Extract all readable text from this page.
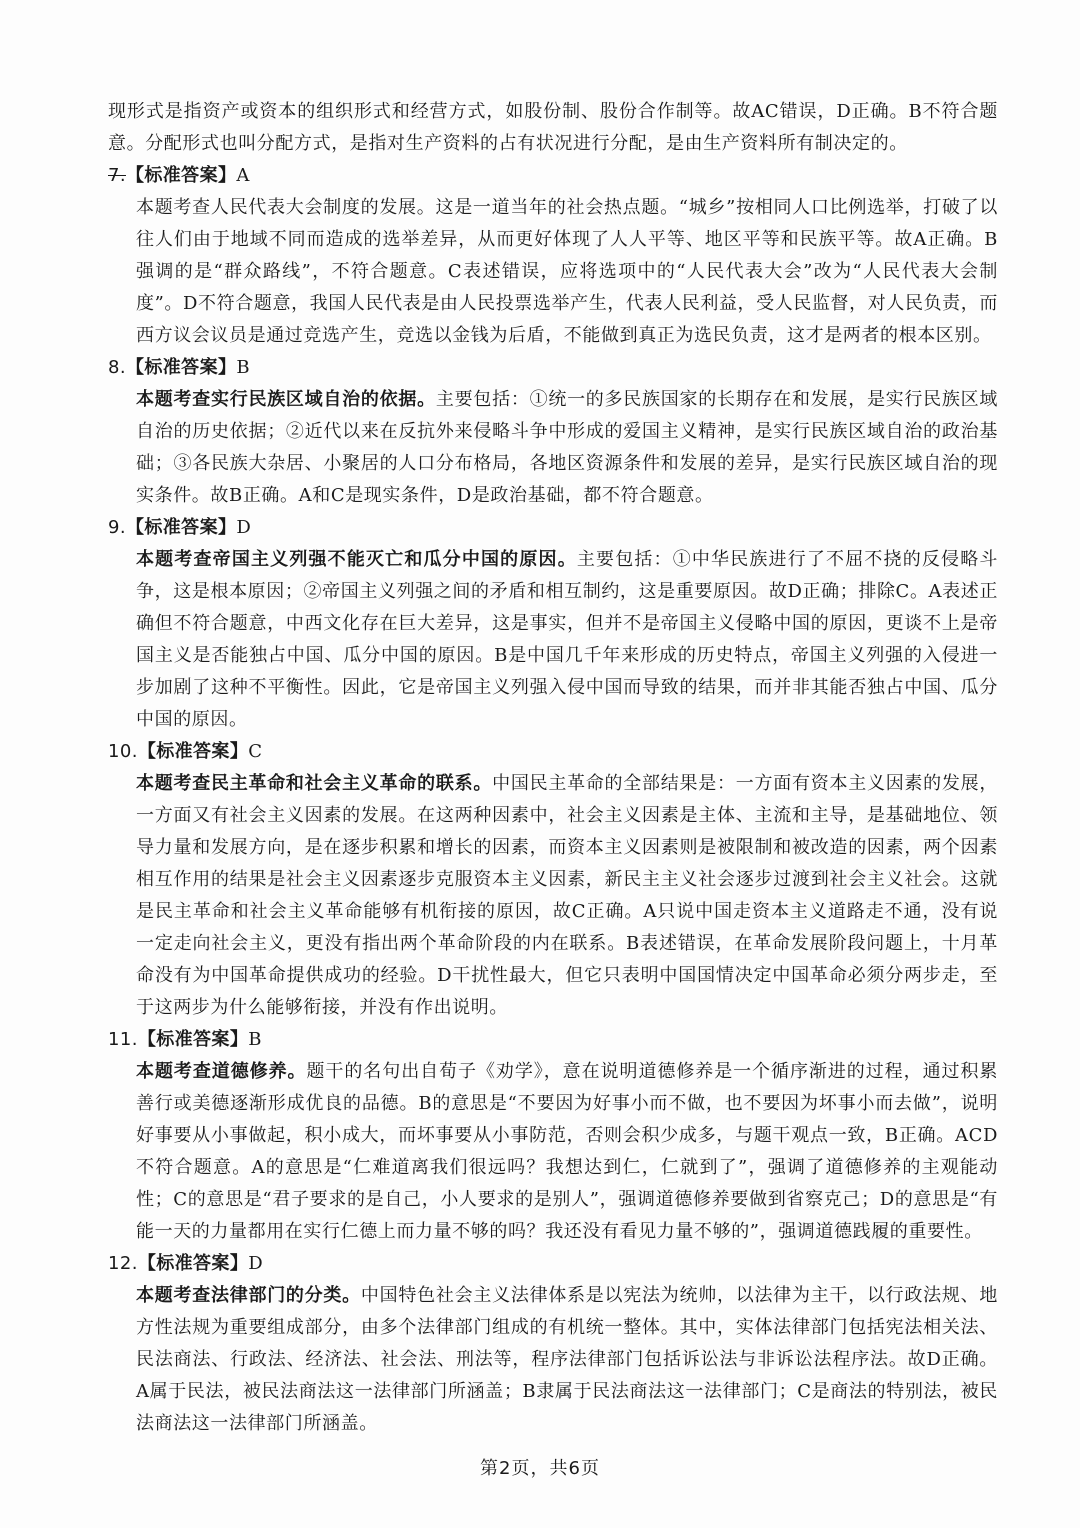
现形式是指资产或资本的组织形式和经营方式，如股份制、股份合作制等。故AC错误，D正确。B不符合题意。分配形式也叫分配方式，是指对生产资料的占有状况进行分配，是由生产资料所有制决定的。

7.【标准答案】A

本题考查人民代表大会制度的发展。这是一道当年的社会热点题。“城乡”按相同人口比例选举，打破了以往人们由于地域不同而造成的选举差异，从而更好体现了人人平等、地区平等和民族平等。故A正确。B强调的是“群众路线”，不符合题意。C表述错误，应将选项中的“人民代表大会”改为“人民代表大会制度”。D不符合题意，我国人民代表是由人民投票选举产生，代表人民利益，受人民监督，对人民负责，而西方议会议员是通过竞选产生，竞选以金钱为后盾，不能做到真正为选民负责，这才是两者的根本区别。

8.【标准答案】B

本题考查实行民族区域自治的依据。主要包括：①统一的多民族国家的长期存在和发展，是实行民族区域自治的历史依据；②近代以来在反抗外来侵略斗争中形成的爱国主义精神，是实行民族区域自治的政治基础；③各民族大杂居、小聚居的人口分布格局，各地区资源条件和发展的差异，是实行民族区域自治的现实条件。故B正确。A和C是现实条件，D是政治基础，都不符合题意。

9.【标准答案】D

本题考查帝国主义列强不能灭亡和瓜分中国的原因。主要包括：①中华民族进行了不屈不挠的反侵略斗争，这是根本原因；②帝国主义列强之间的矛盾和相互制约，这是重要原因。故D正确；排除C。A表述正确但不符合题意，中西文化存在巨大差异，这是事实，但并不是帝国主义侵略中国的原因，更谈不上是帝国主义是否能独占中国、瓜分中国的原因。B是中国几千年来形成的历史特点，帝国主义列强的入侵进一步加剧了这种不平衡性。因此，它是帝国主义列强入侵中国而导致的结果，而并非其能否独占中国、瓜分中国的原因。

10.【标准答案】C

本题考查民主革命和社会主义革命的联系。中国民主革命的全部结果是：一方面有资本主义因素的发展，一方面又有社会主义因素的发展。在这两种因素中，社会主义因素是主体、主流和主导，是基础地位、领导力量和发展方向，是在逐步积累和增长的因素，而资本主义因素则是被限制和被改造的因素，两个因素相互作用的结果是社会主义因素逐步克服资本主义因素，新民主主义社会逐步过渡到社会主义社会。这就是民主革命和社会主义革命能够有机衔接的原因，故C正确。A只说中国走资本主义道路走不通，没有说一定走向社会主义，更没有指出两个革命阶段的内在联系。B表述错误，在革命发展阶段问题上，十月革命没有为中国革命提供成功的经验。D干扰性最大，但它只表明中国国情决定中国革命必须分两步走，至于这两步为什么能够衔接，并没有作出说明。

11.【标准答案】B

本题考查道德修养。题干的名句出自荀子《劝学》，意在说明道德修养是一个循序渐进的过程，通过积累善行或美德逐渐形成优良的品德。B的意思是“不要因为好事小而不做，也不要因为坏事小而去做”，说明好事要从小事做起，积小成大，而坏事要从小事防范，否则会积少成多，与题干观点一致，B正确。ACD不符合题意。A的意思是“仁难道离我们很远吗？我想达到仁，仁就到了”，强调了道德修养的主观能动性；C的意思是“君子要求的是自己，小人要求的是别人”，强调道德修养要做到省察克己；D的意思是“有能一天的力量都用在实行仁德上而力量不够的吗？我还没有看见力量不够的”，强调道德践履的重要性。

12.【标准答案】D

本题考查法律部门的分类。中国特色社会主义法律体系是以宪法为统帅，以法律为主干，以行政法规、地方性法规为重要组成部分，由多个法律部门组成的有机统一整体。其中，实体法律部门包括宪法相关法、民法商法、行政法、经济法、社会法、刑法等，程序法律部门包括诉讼法与非诉讼法程序法。故D正确。A属于民法，被民法商法这一法律部门所涵盖；B隶属于民法商法这一法律部门；C是商法的特别法，被民法商法这一法律部门所涵盖。

第2页，共6页
